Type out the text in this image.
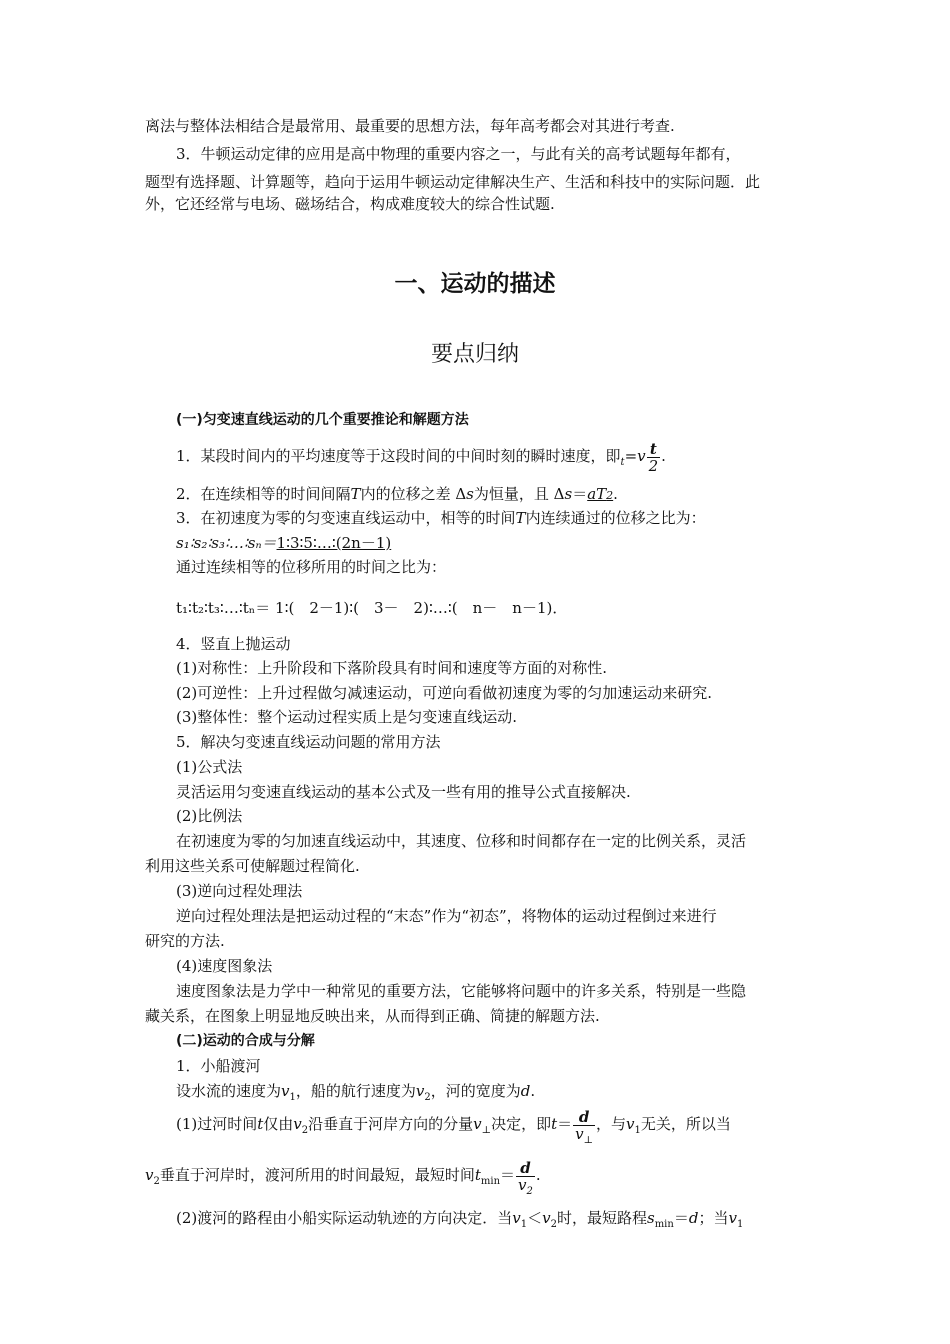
离法与整体法相结合是最常用、最重要的思想方法，每年高考都会对其进行考查.
3．牛顿运动定律的应用是高中物理的重要内容之一，与此有关的高考试题每年都有，
题型有选择题、计算题等，趋向于运用牛顿运动定律解决生产、生活和科技中的实际问题．此
外，它还经常与电场、磁场结合，构成难度较大的综合性试题.
一、运动的描述
要点归纳
(一)匀变速直线运动的几个重要推论和解题方法
1．某段时间内的平均速度等于这段时间的中间时刻的瞬时速度，即$_t=v \frac{t}{2}$ .
2．在连续相等的时间间隔T内的位移之差 Δs为恒量，且 Δs＝aT2.
3．在初速度为零的匀变速直线运动中，相等的时间T内连续通过的位移之比为：
s₁∶s₂∶s₃∶…∶sₙ＝1∶3∶5∶…∶(2n－1)
通过连续相等的位移所用的时间之比为：
t₁∶t₂∶t₃∶…∶tₙ＝ 1∶(　2－1)∶(　3－　2)∶…∶(　n－　n－1)．
4．竖直上抛运动
(1)对称性：上升阶段和下落阶段具有时间和速度等方面的对称性.
(2)可逆性：上升过程做匀减速运动，可逆向看做初速度为零的匀加速运动来研究.
(3)整体性：整个运动过程实质上是匀变速直线运动.
5．解决匀变速直线运动问题的常用方法
(1)公式法
灵活运用匀变速直线运动的基本公式及一些有用的推导公式直接解决.
(2)比例法
在初速度为零的匀加速直线运动中，其速度、位移和时间都存在一定的比例关系，灵活
利用这些关系可使解题过程简化.
(3)逆向过程处理法
逆向过程处理法是把运动过程的“末态”作为“初态”，将物体的运动过程倒过来进行
研究的方法.
(4)速度图象法
速度图象法是力学中一种常见的重要方法，它能够将问题中的许多关系，特别是一些隐
藏关系，在图象上明显地反映出来，从而得到正确、简捷的解题方法.
(二)运动的合成与分解
1．小船渡河
设水流的速度为$v_1$，船的航行速度为$v_2$，河的宽度为d.
(1)过河时间t仅由$v_2$沿垂直于河岸方向的分量$v_\perp$决定，即$t= \frac{d}{v_\perp}$ ，与$v_1$无关，所以当
$v_2$垂直于河岸时，渡河所用的时间最短，最短时间$t_{min}= \frac{d}{v_2}$ .
(2)渡河的路程由小船实际运动轨迹的方向决定．当$v_1<v_2$时，最短路程$s_{min}=d$；当$v_1$
